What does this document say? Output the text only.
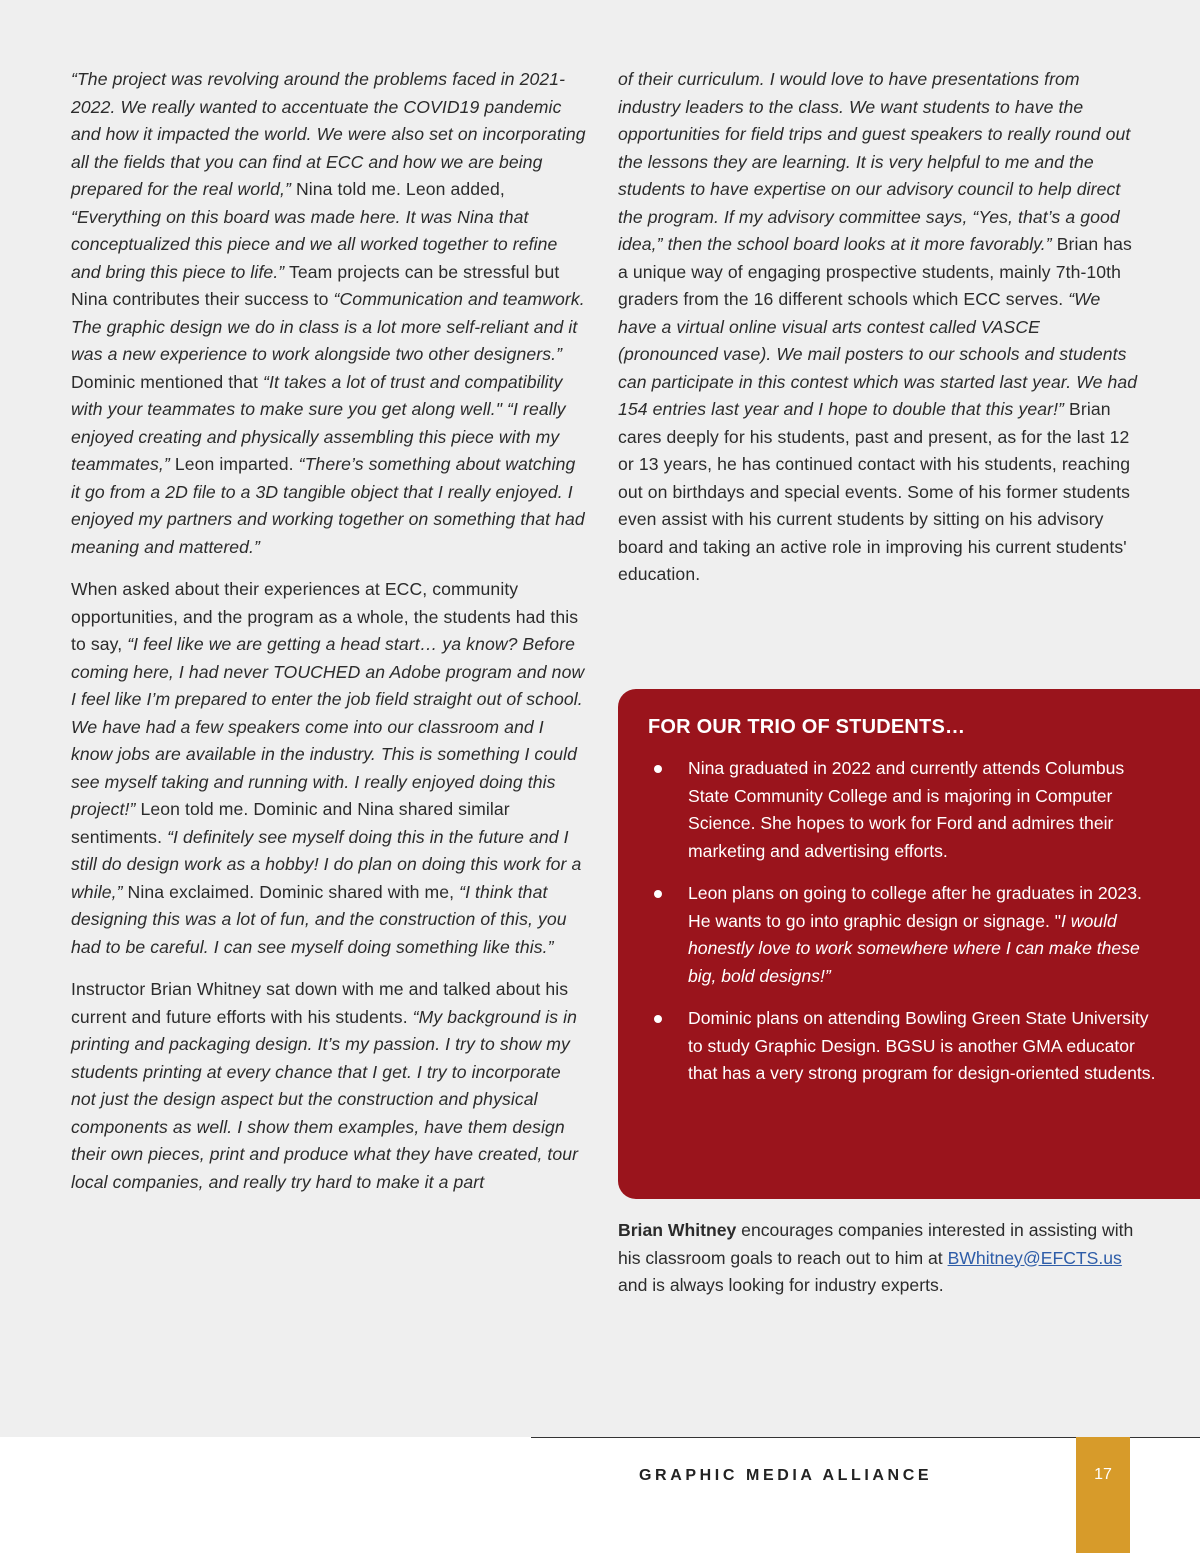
“The project was revolving around the problems faced in 2021-2022. We really wanted to accentuate the COVID19 pandemic and how it impacted the world. We were also set on incorporating all the fields that you can find at ECC and how we are being prepared for the real world,” Nina told me. Leon added, “Everything on this board was made here. It was Nina that conceptualized this piece and we all worked together to refine and bring this piece to life.” Team projects can be stressful but Nina contributes their success to “Communication and teamwork. The graphic design we do in class is a lot more self-reliant and it was a new experience to work alongside two other designers.” Dominic mentioned that “It takes a lot of trust and compatibility with your teammates to make sure you get along well." “I really enjoyed creating and physically assembling this piece with my teammates,” Leon imparted. “There’s something about watching it go from a 2D file to a 3D tangible object that I really enjoyed. I enjoyed my partners and working together on something that had meaning and mattered.”

When asked about their experiences at ECC, community opportunities, and the program as a whole, the students had this to say, “I feel like we are getting a head start… ya know? Before coming here, I had never TOUCHED an Adobe program and now I feel like I’m prepared to enter the job field straight out of school. We have had a few speakers come into our classroom and I know jobs are available in the industry. This is something I could see myself taking and running with. I really enjoyed doing this project!” Leon told me. Dominic and Nina shared similar sentiments. “I definitely see myself doing this in the future and I still do design work as a hobby! I do plan on doing this work for a while,” Nina exclaimed. Dominic shared with me, “I think that designing this was a lot of fun, and the construction of this, you had to be careful. I can see myself doing something like this.”

Instructor Brian Whitney sat down with me and talked about his current and future efforts with his students. “My background is in printing and packaging design. It’s my passion. I try to show my students printing at every chance that I get. I try to incorporate not just the design aspect but the construction and physical components as well. I show them examples, have them design their own pieces, print and produce what they have created, tour local companies, and really try hard to make it a part

of their curriculum. I would love to have presentations from industry leaders to the class. We want students to have the opportunities for field trips and guest speakers to really round out the lessons they are learning. It is very helpful to me and the students to have expertise on our advisory council to help direct the program. If my advisory committee says, “Yes, that’s a good idea,” then the school board looks at it more favorably.” Brian has a unique way of engaging prospective students, mainly 7th-10th graders from the 16 different schools which ECC serves. “We have a virtual online visual arts contest called VASCE (pronounced vase). We mail posters to our schools and students can participate in this contest which was started last year. We had 154 entries last year and I hope to double that this year!” Brian cares deeply for his students, past and present, as for the last 12 or 13 years, he has continued contact with his students, reaching out on birthdays and special events. Some of his former students even assist with his current students by sitting on his advisory board and taking an active role in improving his current students' education.

FOR OUR TRIO OF STUDENTS…
Nina graduated in 2022 and currently attends Columbus State Community College and is majoring in Computer Science. She hopes to work for Ford and admires their marketing and advertising efforts.
Leon plans on going to college after he graduates in 2023. He wants to go into graphic design or signage. "I would honestly love to work somewhere where I can make these big, bold designs!”
Dominic plans on attending Bowling Green State University to study Graphic Design. BGSU is another GMA educator that has a very strong program for design-oriented students.
Brian Whitney encourages companies interested in assisting with his classroom goals to reach out to him at BWhitney@EFCTS.us and is always looking for industry experts.
GRAPHIC MEDIA ALLIANCE	17
